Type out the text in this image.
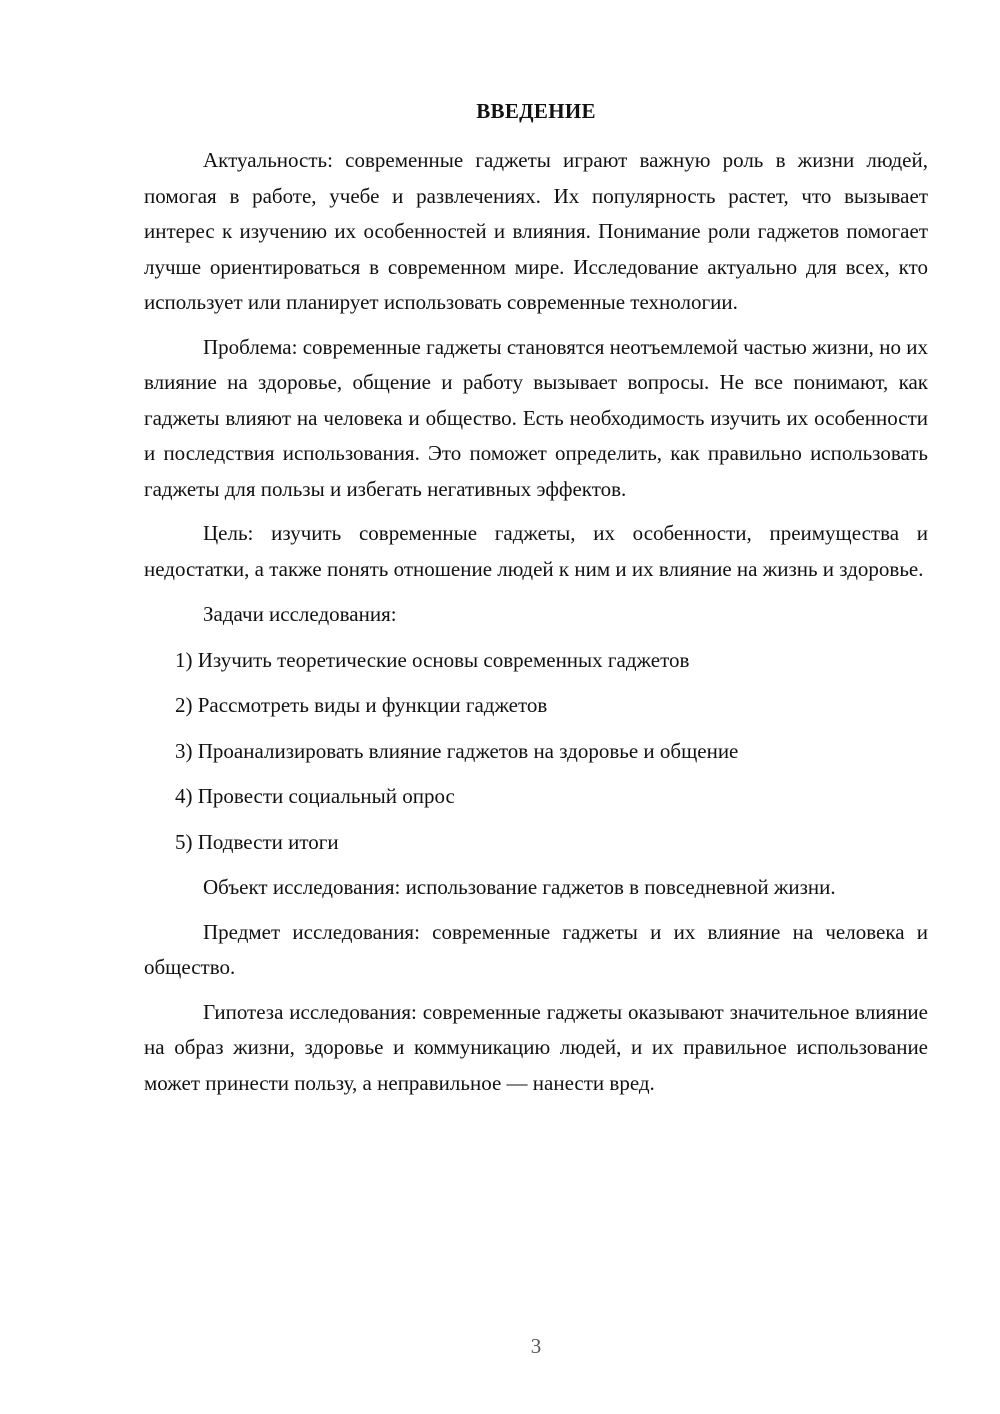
ВВЕДЕНИЕ

Актуальность: современные гаджеты играют важную роль в жизни людей, помогая в работе, учебе и развлечениях. Их популярность растет, что вызывает интерес к изучению их особенностей и влияния. Понимание роли гаджетов помогает лучше ориентироваться в современном мире. Исследование актуально для всех, кто использует или планирует использовать современные технологии.

Проблема: современные гаджеты становятся неотъемлемой частью жизни, но их влияние на здоровье, общение и работу вызывает вопросы. Не все понимают, как гаджеты влияют на человека и общество. Есть необходимость изучить их особенности и последствия использования. Это поможет определить, как правильно использовать гаджеты для пользы и избегать негативных эффектов.

Цель: изучить современные гаджеты, их особенности, преимущества и недостатки, а также понять отношение людей к ним и их влияние на жизнь и здоровье.

Задачи исследования:

1) Изучить теоретические основы современных гаджетов
2) Рассмотреть виды и функции гаджетов
3) Проанализировать влияние гаджетов на здоровье и общение
4) Провести социальный опрос
5) Подвести итоги

Объект исследования: использование гаджетов в повседневной жизни.

Предмет исследования: современные гаджеты и их влияние на человека и общество.

Гипотеза исследования: современные гаджеты оказывают значительное влияние на образ жизни, здоровье и коммуникацию людей, и их правильное использование может принести пользу, а неправильное — нанести вред.

3
